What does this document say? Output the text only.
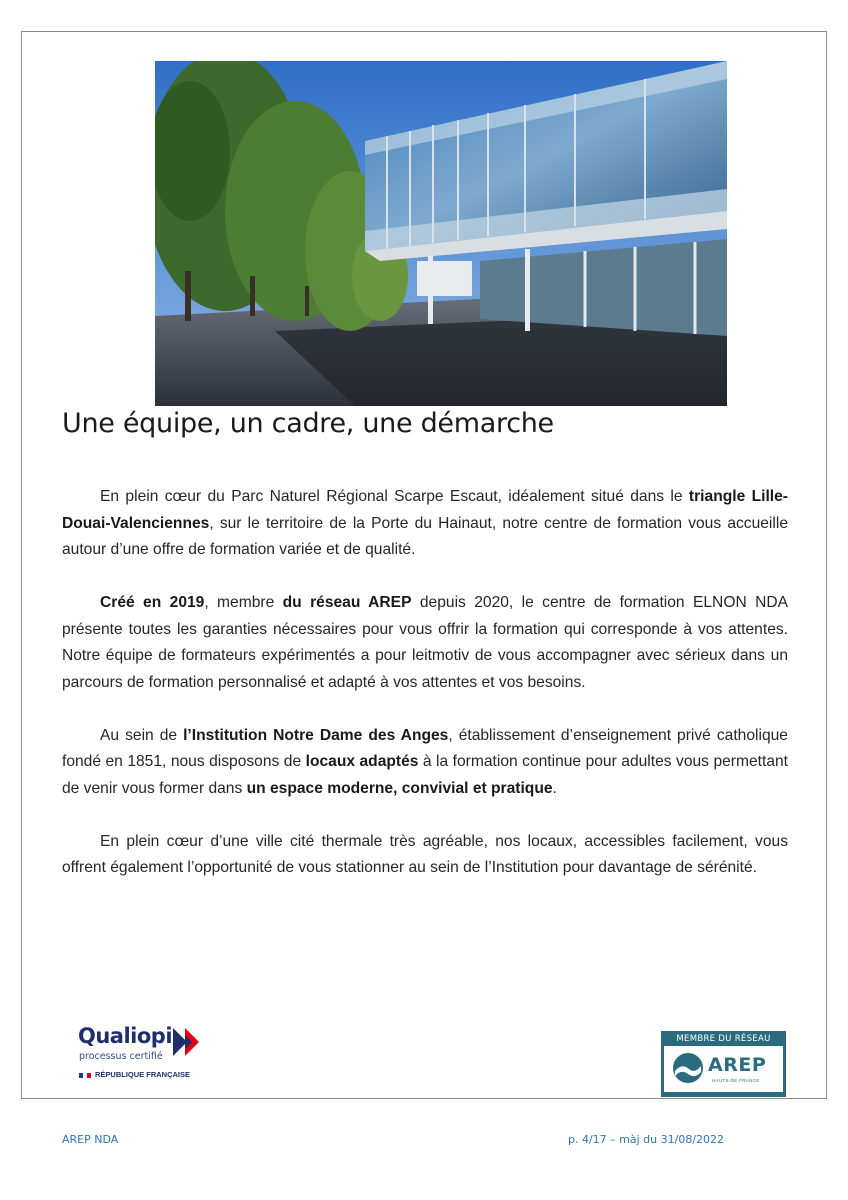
Une équipe, un cadre, une démarche

En plein cœur du Parc Naturel Régional Scarpe Escaut, idéalement situé dans le triangle Lille-Douai-Valenciennes, sur le territoire de la Porte du Hainaut, notre centre de formation vous accueille autour d’une offre de formation variée et de qualité.

Créé en 2019, membre du réseau AREP depuis 2020, le centre de formation ELNON NDA présente toutes les garanties nécessaires pour vous offrir la formation qui corresponde à vos attentes. Notre équipe de formateurs expérimentés a pour leitmotiv de vous accompagner avec sérieux dans un parcours de formation personnalisé et adapté à vos attentes et vos besoins.

Au sein de l’Institution Notre Dame des Anges, établissement d’enseignement privé catholique fondé en 1851, nous disposons de locaux adaptés à la formation continue pour adultes vous permettant de venir vous former dans un espace moderne, convivial et pratique.

En plein cœur d’une ville cité thermale très agréable, nos locaux, accessibles facilement, vous offrent également l’opportunité de vous stationner au sein de l’Institution pour davantage de sérénité.

Qualiopi
processus certifié
RÉPUBLIQUE FRANÇAISE
MEMBRE DU RÉSEAU
AREP
HAUTS-DE-FRANCE
AREP NDA	p. 4/17 – màj du 31/08/2022
